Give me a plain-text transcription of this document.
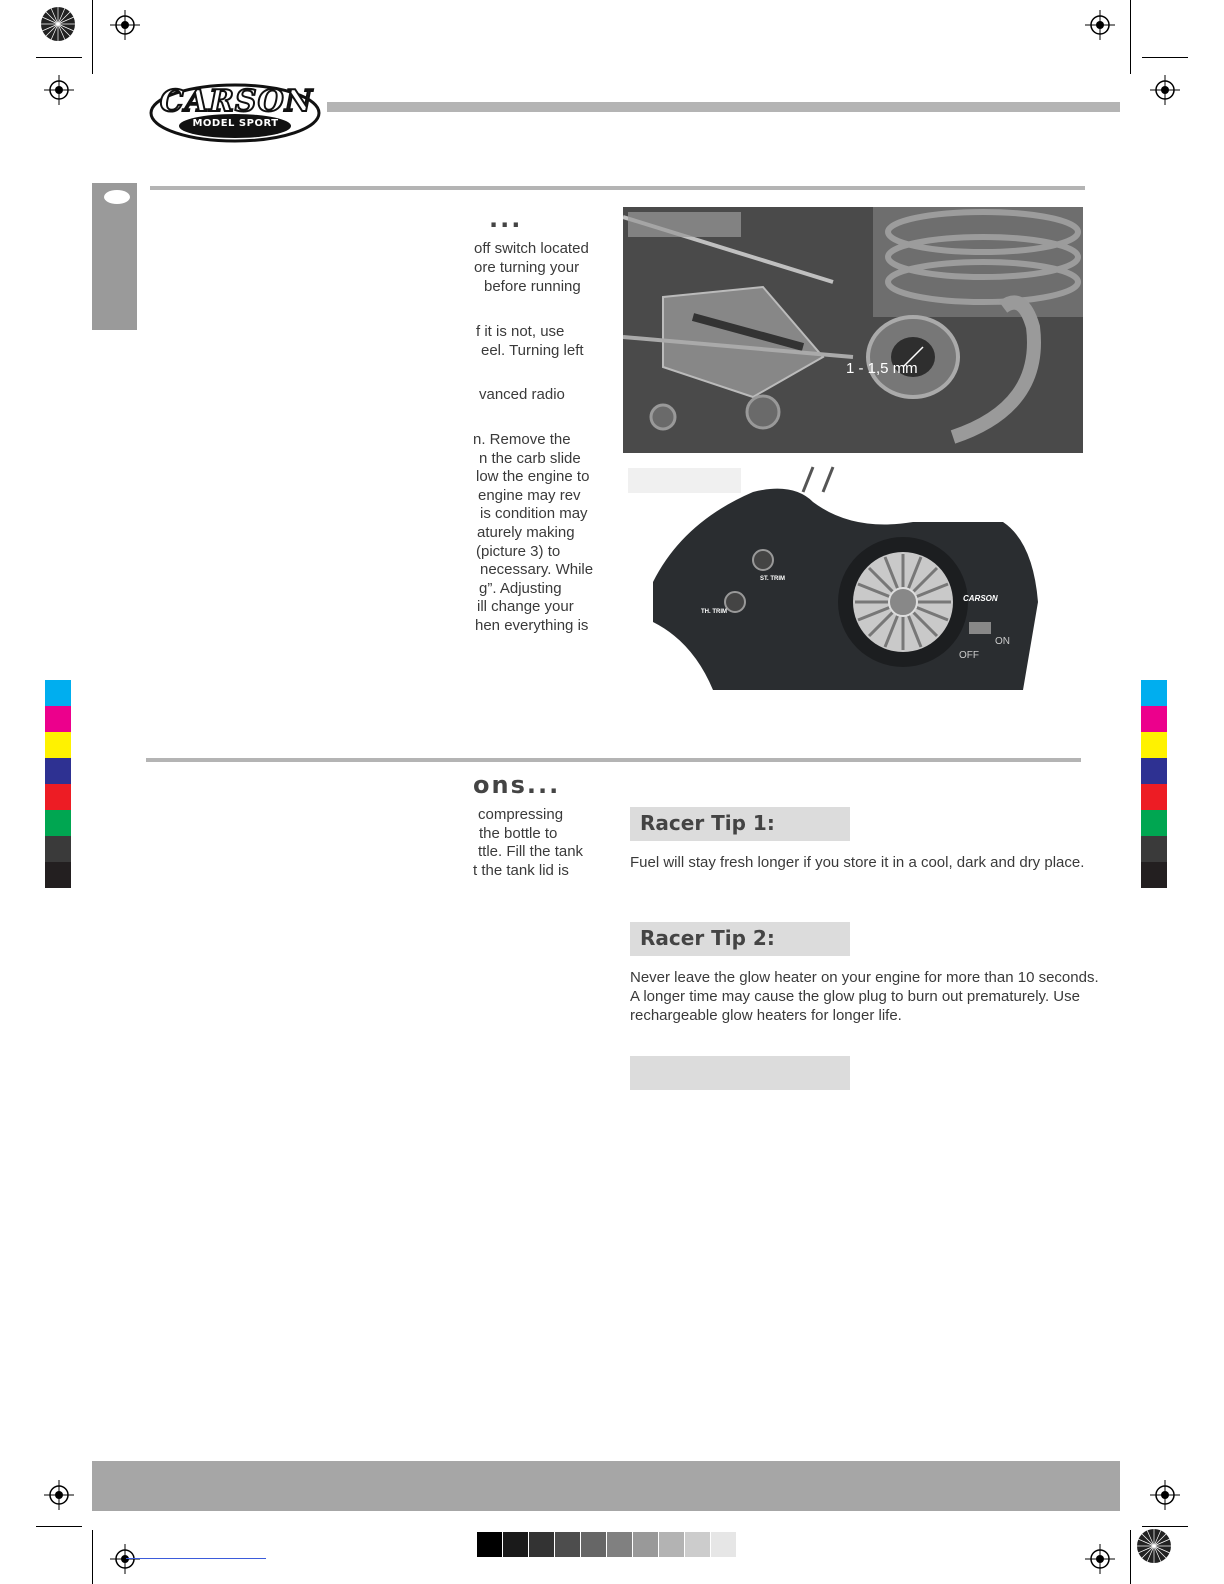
CARSON
MODEL SPORT
...
off switch located
ore turning your
before running
f it is not, use
eel. Turning left
vanced radio
n. Remove the
n the carb slide
low the engine to
engine may rev
is condition may
aturely making
(picture 3) to
necessary. While
g”. Adjusting
ill change your
hen everything is
1 - 1,5 mm
ST. TRIM
TH. TRIM
CARSON
OFF
ON
ons...
compressing
the bottle to
ttle. Fill the tank
t the tank lid is
Racer Tip 1:
Fuel will stay fresh longer if you store it in a cool, dark and dry place.
Racer Tip 2:
Never leave the glow heater on your engine for more than 10 seconds. A longer time may cause the glow plug to burn out prematurely. Use rechargeable glow heaters for longer life.
